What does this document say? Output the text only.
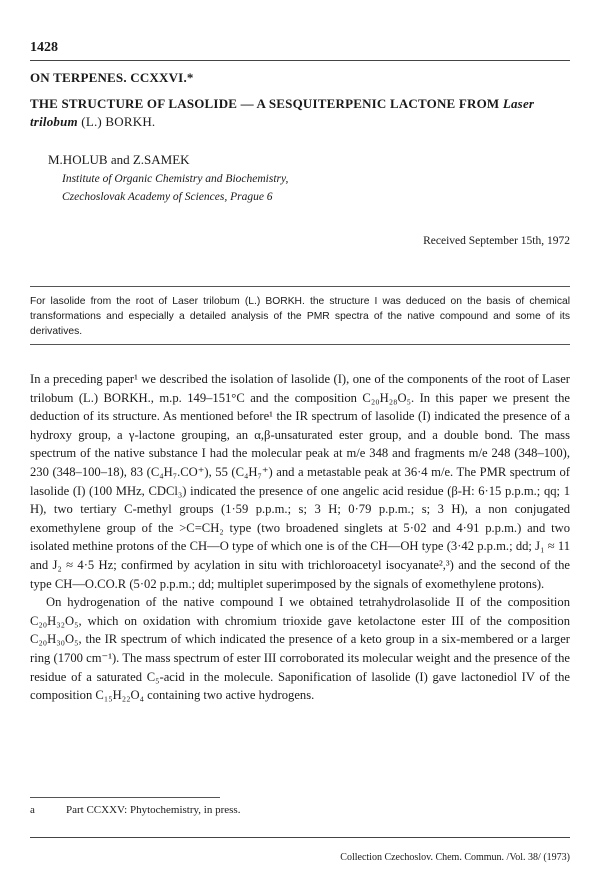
1428
ON TERPENES. CCXXVI.*
THE STRUCTURE OF LASOLIDE — A SESQUITERPENIC LACTONE FROM Laser trilobum (L.) BORKH.
M.HOLUB and Z.SAMEK
Institute of Organic Chemistry and Biochemistry,
Czechoslovak Academy of Sciences, Prague 6
Received September 15th, 1972
For lasolide from the root of Laser trilobum (L.) BORKH. the structure I was deduced on the basis of chemical transformations and especially a detailed analysis of the PMR spectra of the native compound and some of its derivatives.

In a preceding paper¹ we described the isolation of lasolide (I), one of the components of the root of Laser trilobum (L.) BORKH., m.p. 149–151°C and the composition C₂₀H₂₈O₅. In this paper we present the deduction of its structure. As mentioned before¹ the IR spectrum of lasolide (I) indicated the presence of a hydroxy group, a γ-lactone grouping, an α,β-unsaturated ester group, and a double bond. The mass spectrum of the native substance I had the molecular peak at m/e 348 and fragments m/e 248 (348–100), 230 (348–100–18), 83 (C₄H₇.CO⁺), 55 (C₄H₇⁺) and a metastable peak at 36·4 m/e. The PMR spectrum of lasolide (I) (100 MHz, CDCl₃) indicated the presence of one angelic acid residue (β-H: 6·15 p.p.m.; qq; 1 H), two tertiary C-methyl groups (1·59 p.p.m.; s; 3 H; 0·79 p.p.m.; s; 3 H), a non conjugated exomethylene group of the >C=CH₂ type (two broadened singlets at 5·02 and 4·91 p.p.m.) and two isolated methine protons of the CH—O type of which one is of the CH—OH type (3·42 p.p.m.; dd; J₁ ≈ 11 and J₂ ≈ 4·5 Hz; confirmed by acylation in situ with trichloroacetyl isocyanate²,³) and the second of the type CH—O.CO.R (5·02 p.p.m.; dd; multiplet superimposed by the signals of exomethylene protons).

On hydrogenation of the native compound I we obtained tetrahydrolasolide II of the composition C₂₀H₃₂O₅, which on oxidation with chromium trioxide gave ketolactone ester III of the composition C₂₀H₃₀O₅, the IR spectrum of which indicated the presence of a keto group in a six-membered or a larger ring (1700 cm⁻¹). The mass spectrum of ester III corroborated its molecular weight and the presence of the residue of a saturated C₅-acid in the molecule. Saponification of lasolide (I) gave lactonediol IV of the composition C₁₅H₂₂O₄ containing two active hydrogens.

a	Part CCXXV: Phytochemistry, in press.
Collection Czechoslov. Chem. Commun. /Vol. 38/ (1973)
